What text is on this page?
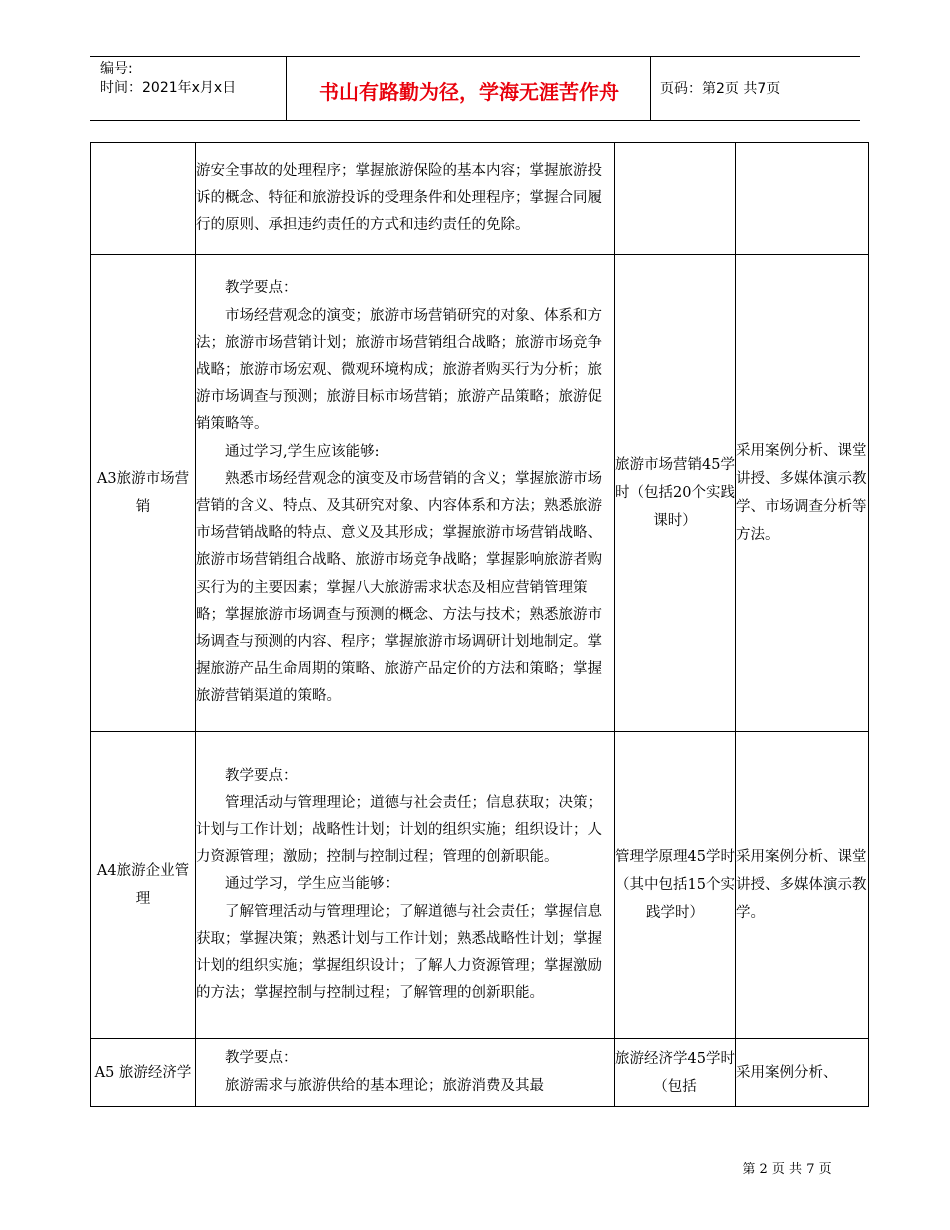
编号:
时间：2021年x月x日	书山有路勤为径，学海无涯苦作舟	页码：第2页 共7页

	游安全事故的处理程序；掌握旅游保险的基本内容；掌握旅游投诉的概念、特征和旅游投诉的受理条件和处理程序；掌握合同履行的原则、承担违约责任的方式和违约责任的免除。		

A3旅游市场营销	教学要点：

市场经营观念的演变；旅游市场营销研究的对象、体系和方法；旅游市场营销计划；旅游市场营销组合战略；旅游市场竞争战略；旅游市场宏观、微观环境构成；旅游者购买行为分析；旅游市场调查与预测；旅游目标市场营销；旅游产品策略；旅游促销策略等。

通过学习,学生应该能够:

熟悉市场经营观念的演变及市场营销的含义；掌握旅游市场营销的含义、特点、及其研究对象、内容体系和方法；熟悉旅游市场营销战略的特点、意义及其形成；掌握旅游市场营销战略、旅游市场营销组合战略、旅游市场竞争战略；掌握影响旅游者购买行为的主要因素；掌握八大旅游需求状态及相应营销管理策略；掌握旅游市场调查与预测的概念、方法与技术；熟悉旅游市场调查与预测的内容、程序；掌握旅游市场调研计划地制定。掌握旅游产品生命周期的策略、旅游产品定价的方法和策略；掌握旅游营销渠道的策略。	旅游市场营销45学时（包括20个实践课时）	采用案例分析、课堂讲授、多媒体演示教学、市场调查分析等方法。
A4旅游企业管理	教学要点：

管理活动与管理理论；道德与社会责任；信息获取；决策；计划与工作计划；战略性计划；计划的组织实施；组织设计；人力资源管理；激励；控制与控制过程；管理的创新职能。

通过学习，学生应当能够：

了解管理活动与管理理论；了解道德与社会责任；掌握信息获取；掌握决策；熟悉计划与工作计划；熟悉战略性计划；掌握计划的组织实施；掌握组织设计；了解人力资源管理；掌握激励的方法；掌握控制与控制过程；了解管理的创新职能。	管理学原理45学时（其中包括15个实践学时）	采用案例分析、课堂讲授、多媒体演示教学。
A5 旅游经济学	教学要点：

旅游需求与旅游供给的基本理论；旅游消费及其最	旅游经济学45学时（包括	采用案例分析、
第 2 页 共 7 页
